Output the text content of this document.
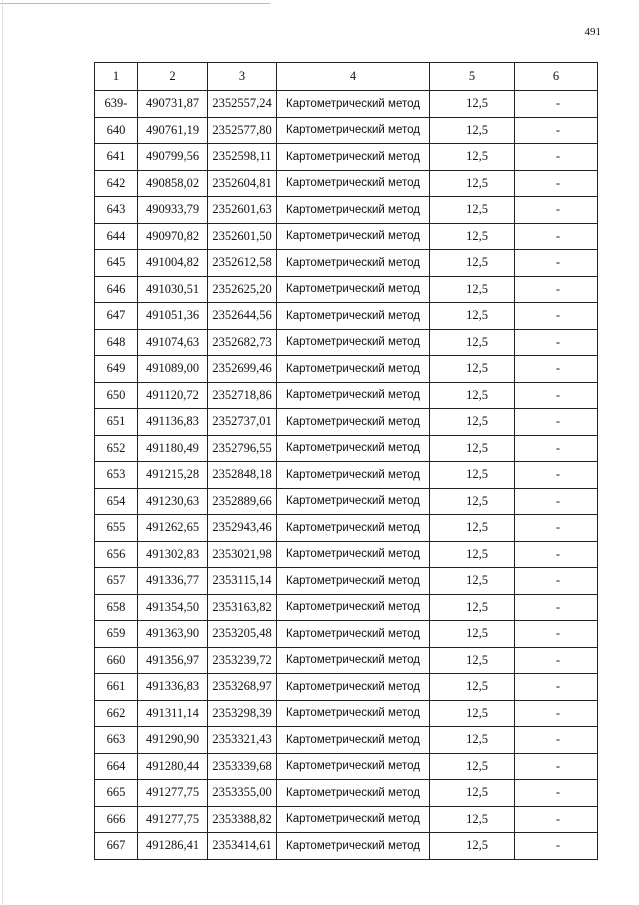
491
1	2	3	4	5	6
639-	490731,87	2352557,24	Картометрический метод	12,5	-
640	490761,19	2352577,80	Картометрический метод	12,5	-
641	490799,56	2352598,11	Картометрический метод	12,5	-
642	490858,02	2352604,81	Картометрический метод	12,5	-
643	490933,79	2352601,63	Картометрический метод	12,5	-
644	490970,82	2352601,50	Картометрический метод	12,5	-
645	491004,82	2352612,58	Картометрический метод	12,5	-
646	491030,51	2352625,20	Картометрический метод	12,5	-
647	491051,36	2352644,56	Картометрический метод	12,5	-
648	491074,63	2352682,73	Картометрический метод	12,5	-
649	491089,00	2352699,46	Картометрический метод	12,5	-
650	491120,72	2352718,86	Картометрический метод	12,5	-
651	491136,83	2352737,01	Картометрический метод	12,5	-
652	491180,49	2352796,55	Картометрический метод	12,5	-
653	491215,28	2352848,18	Картометрический метод	12,5	-
654	491230,63	2352889,66	Картометрический метод	12,5	-
655	491262,65	2352943,46	Картометрический метод	12,5	-
656	491302,83	2353021,98	Картометрический метод	12,5	-
657	491336,77	2353115,14	Картометрический метод	12,5	-
658	491354,50	2353163,82	Картометрический метод	12,5	-
659	491363,90	2353205,48	Картометрический метод	12,5	-
660	491356,97	2353239,72	Картометрический метод	12,5	-
661	491336,83	2353268,97	Картометрический метод	12,5	-
662	491311,14	2353298,39	Картометрический метод	12,5	-
663	491290,90	2353321,43	Картометрический метод	12,5	-
664	491280,44	2353339,68	Картометрический метод	12,5	-
665	491277,75	2353355,00	Картометрический метод	12,5	-
666	491277,75	2353388,82	Картометрический метод	12,5	-
667	491286,41	2353414,61	Картометрический метод	12,5	-
